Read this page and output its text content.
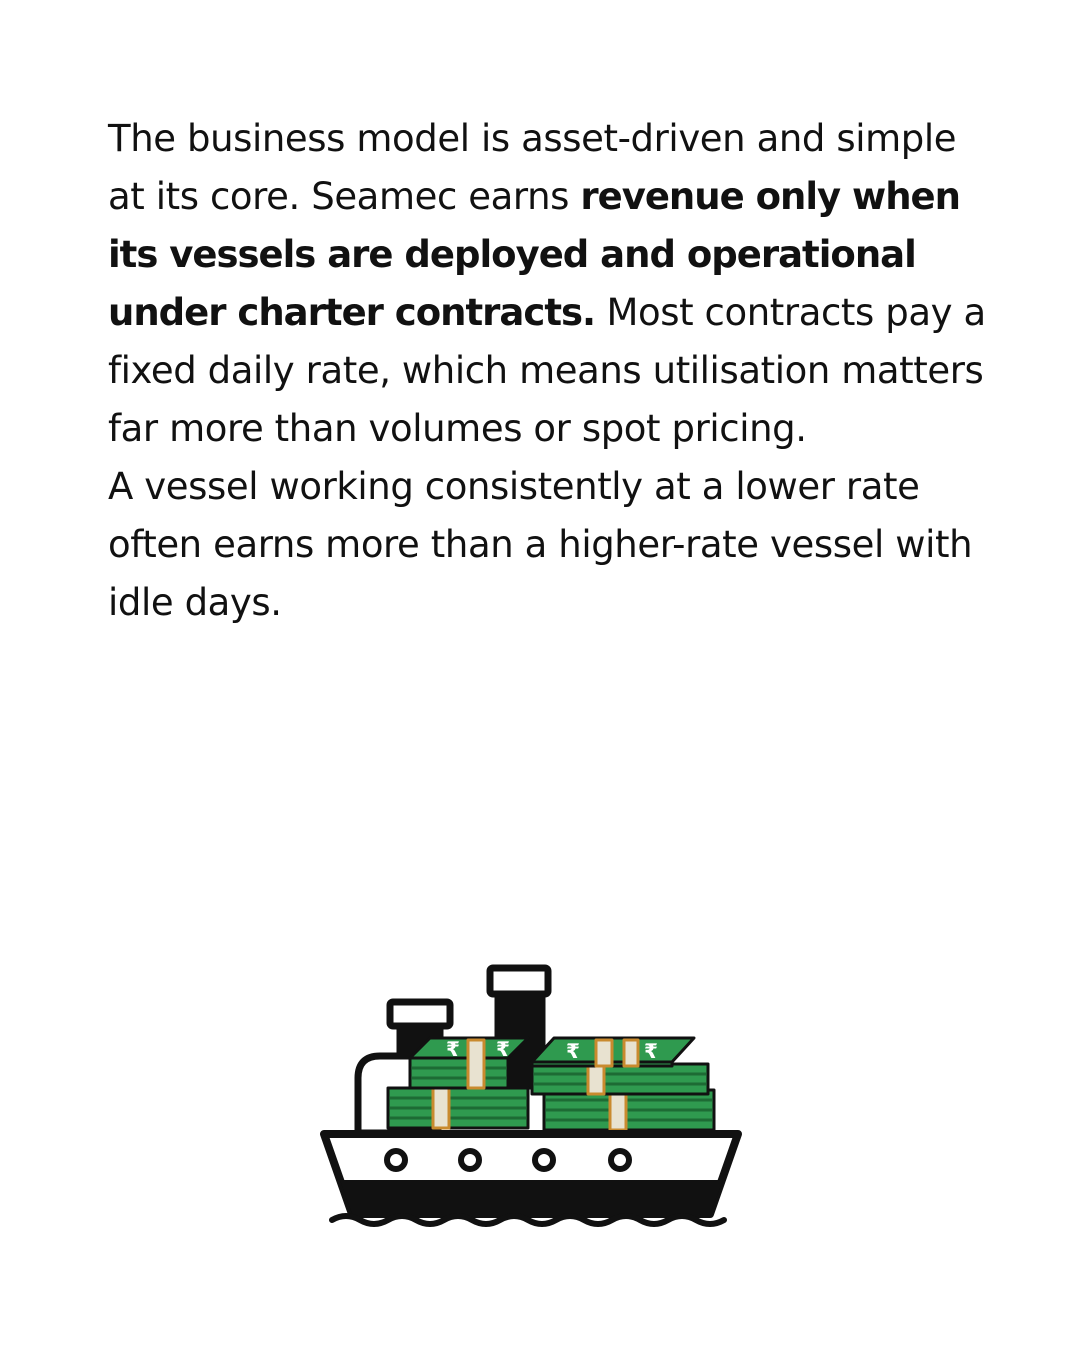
The business model is asset-driven and simple at its core. Seamec earns revenue only when its vessels are deployed and operational under charter contracts. Most contracts pay a fixed daily rate, which means utilisation matters far more than volumes or spot pricing.

A vessel working consistently at a lower rate often earns more than a higher-rate vessel with idle days.

₹ ₹	₹	₹
